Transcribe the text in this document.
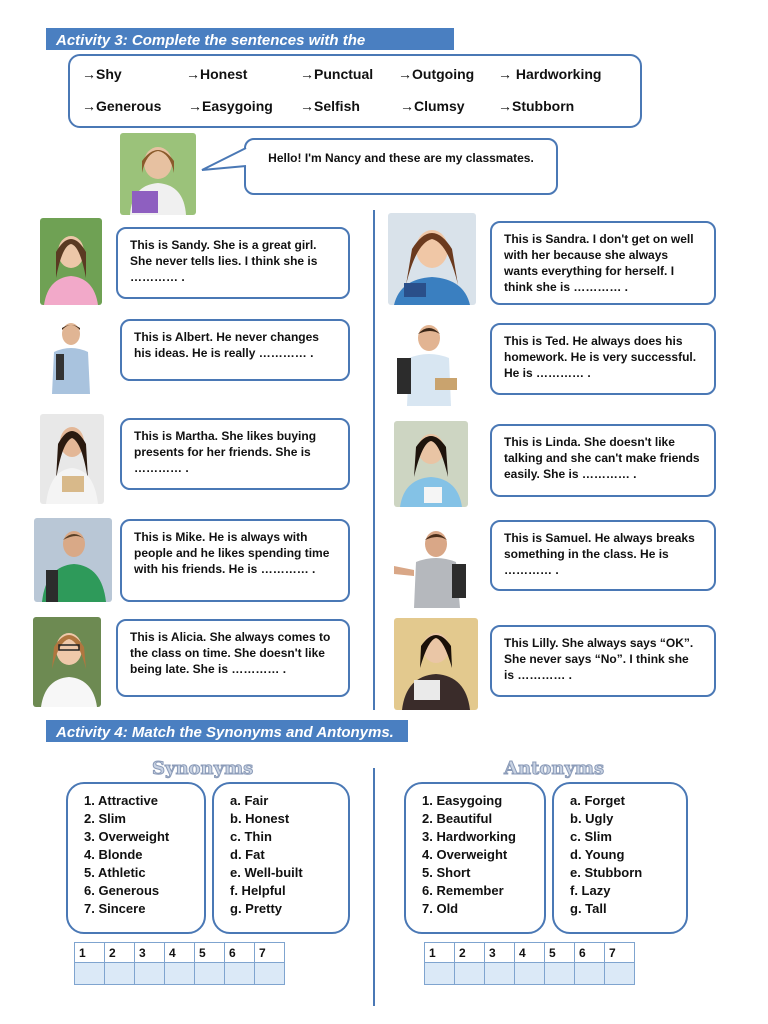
Activity 3: Complete the sentences with the
→Shy	→Honest	→Punctual →Outgoing → Hardworking
→Generous →Easygoing →Selfish	→Clumsy →Stubborn
Hello! I'm Nancy and these are my classmates.
This is Sandy. She is a great girl. She never tells lies. I think she is ………… .
This is Albert. He never changes his ideas. He is really ………… .
This is Martha. She likes buying presents for her friends. She is ………… .
This is Mike. He is always with people and he likes spending time with his friends. He is ………… .
This is Alicia. She always comes to the class on time. She doesn't like being late. She is ………… .
This is Sandra. I don't get on well with her because she always wants everything for herself. I think she is ………… .
This is Ted. He always does his homework. He is very successful. He is ………… .
This is Linda. She doesn't like talking and she can't make friends easily. She is ………… .
This is Samuel. He always breaks something in the class. He is ………… .
This Lilly. She always says “OK”. She never says “No”. I think she is ………… .
Activity 4: Match the Synonyms and Antonyms.
Synonyms
1. Attractive
2. Slim
3. Overweight
4. Blonde
5. Athletic
6. Generous
7. Sincere
a. Fair
b. Honest
c. Thin
d. Fat
e. Well-built
f. Helpful
g. Pretty
1	2	3	4	5	6	7

Antonyms
1. Easygoing
2. Beautiful
3. Hardworking
4. Overweight
5. Short
6. Remember
7. Old
a. Forget
b. Ugly
c. Slim
d. Young
e. Stubborn
f. Lazy
g. Tall
1	2	3	4	5	6	7
